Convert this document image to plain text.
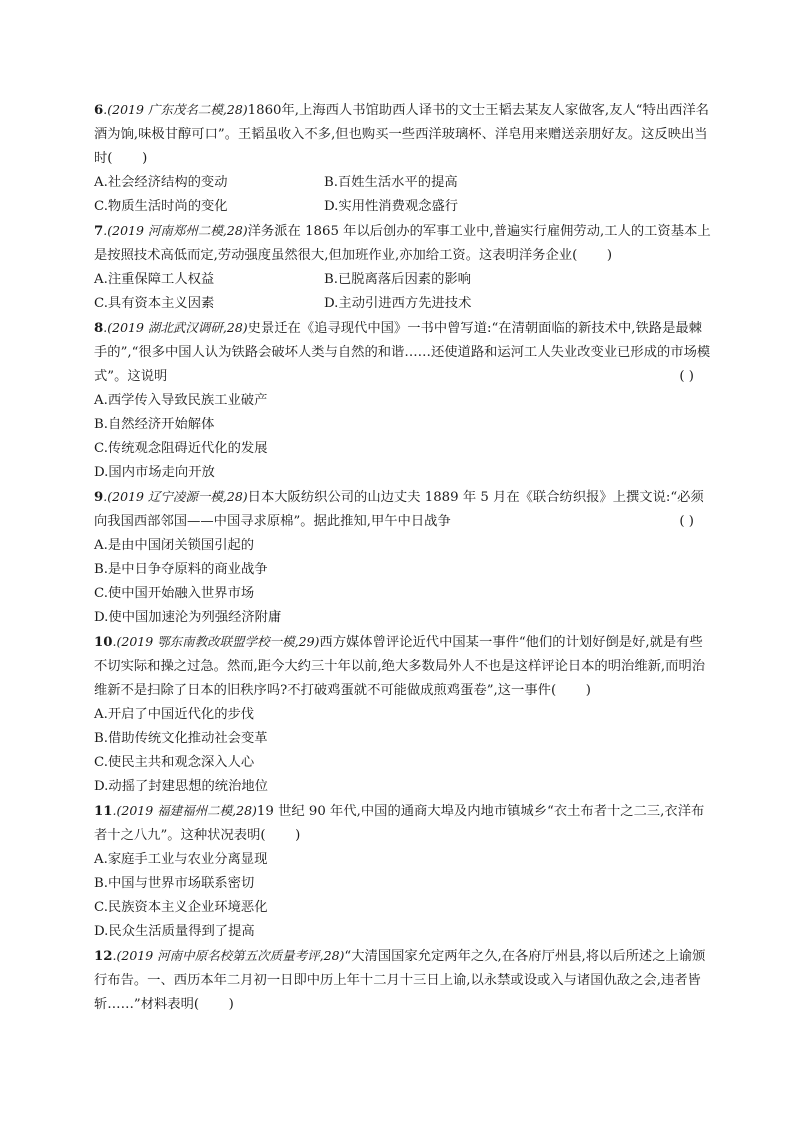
6.(2019 广东茂名二模,28)1860年,上海西人书馆助西人译书的文士王韬去某友人家做客,友人“特出西洋名酒为饷,味极甘醇可口”。王韬虽收入不多,但也购买一些西洋玻璃杯、洋皂用来赠送亲朋好友。这反映出当时( )
A.社会经济结构的变动	B.百姓生活水平的提高
C.物质生活时尚的变化	D.实用性消费观念盛行
7.(2019 河南郑州二模,28)洋务派在 1865 年以后创办的军事工业中,普遍实行雇佣劳动,工人的工资基本上是按照技术高低而定,劳动强度虽然很大,但加班作业,亦加给工资。这表明洋务企业( )
A.注重保障工人权益	B.已脱离落后因素的影响
C.具有资本主义因素	D.主动引进西方先进技术
8.(2019 湖北武汉调研,28)史景迁在《追寻现代中国》一书中曾写道:“在清朝面临的新技术中,铁路是最棘手的”,“很多中国人认为铁路会破坏人类与自然的和谐……还使道路和运河工人失业改变业已形成的市场模式”。这说明	( )
A.西学传入导致民族工业破产
B.自然经济开始解体
C.传统观念阻碍近代化的发展
D.国内市场走向开放
9.(2019 辽宁凌源一模,28)日本大阪纺织公司的山边丈夫 1889 年 5 月在《联合纺织报》上撰文说:“必须向我国西部邻国——中国寻求原棉”。据此推知,甲午中日战争	( )
A.是由中国闭关锁国引起的
B.是中日争夺原料的商业战争
C.使中国开始融入世界市场
D.使中国加速沦为列强经济附庸
10.(2019 鄂东南教改联盟学校一模,29)西方媒体曾评论近代中国某一事件“他们的计划好倒是好,就是有些不切实际和操之过急。然而,距今大约三十年以前,绝大多数局外人不也是这样评论日本的明治维新,而明治维新不是扫除了日本的旧秩序吗?不打破鸡蛋就不可能做成煎鸡蛋卷”,这一事件( )
A.开启了中国近代化的步伐
B.借助传统文化推动社会变革
C.使民主共和观念深入人心
D.动摇了封建思想的统治地位
11.(2019 福建福州二模,28)19 世纪 90 年代,中国的通商大埠及内地市镇城乡“衣土布者十之二三,衣洋布者十之八九”。这种状况表明( )
A.家庭手工业与农业分离显现
B.中国与世界市场联系密切
C.民族资本主义企业环境恶化
D.民众生活质量得到了提高
12.(2019 河南中原名校第五次质量考评,28)“大清国国家允定两年之久,在各府厅州县,将以后所述之上谕颁行布告。一、西历本年二月初一日即中历上年十二月十三日上谕,以永禁或设或入与诸国仇敌之会,违者皆斩……”材料表明( )
